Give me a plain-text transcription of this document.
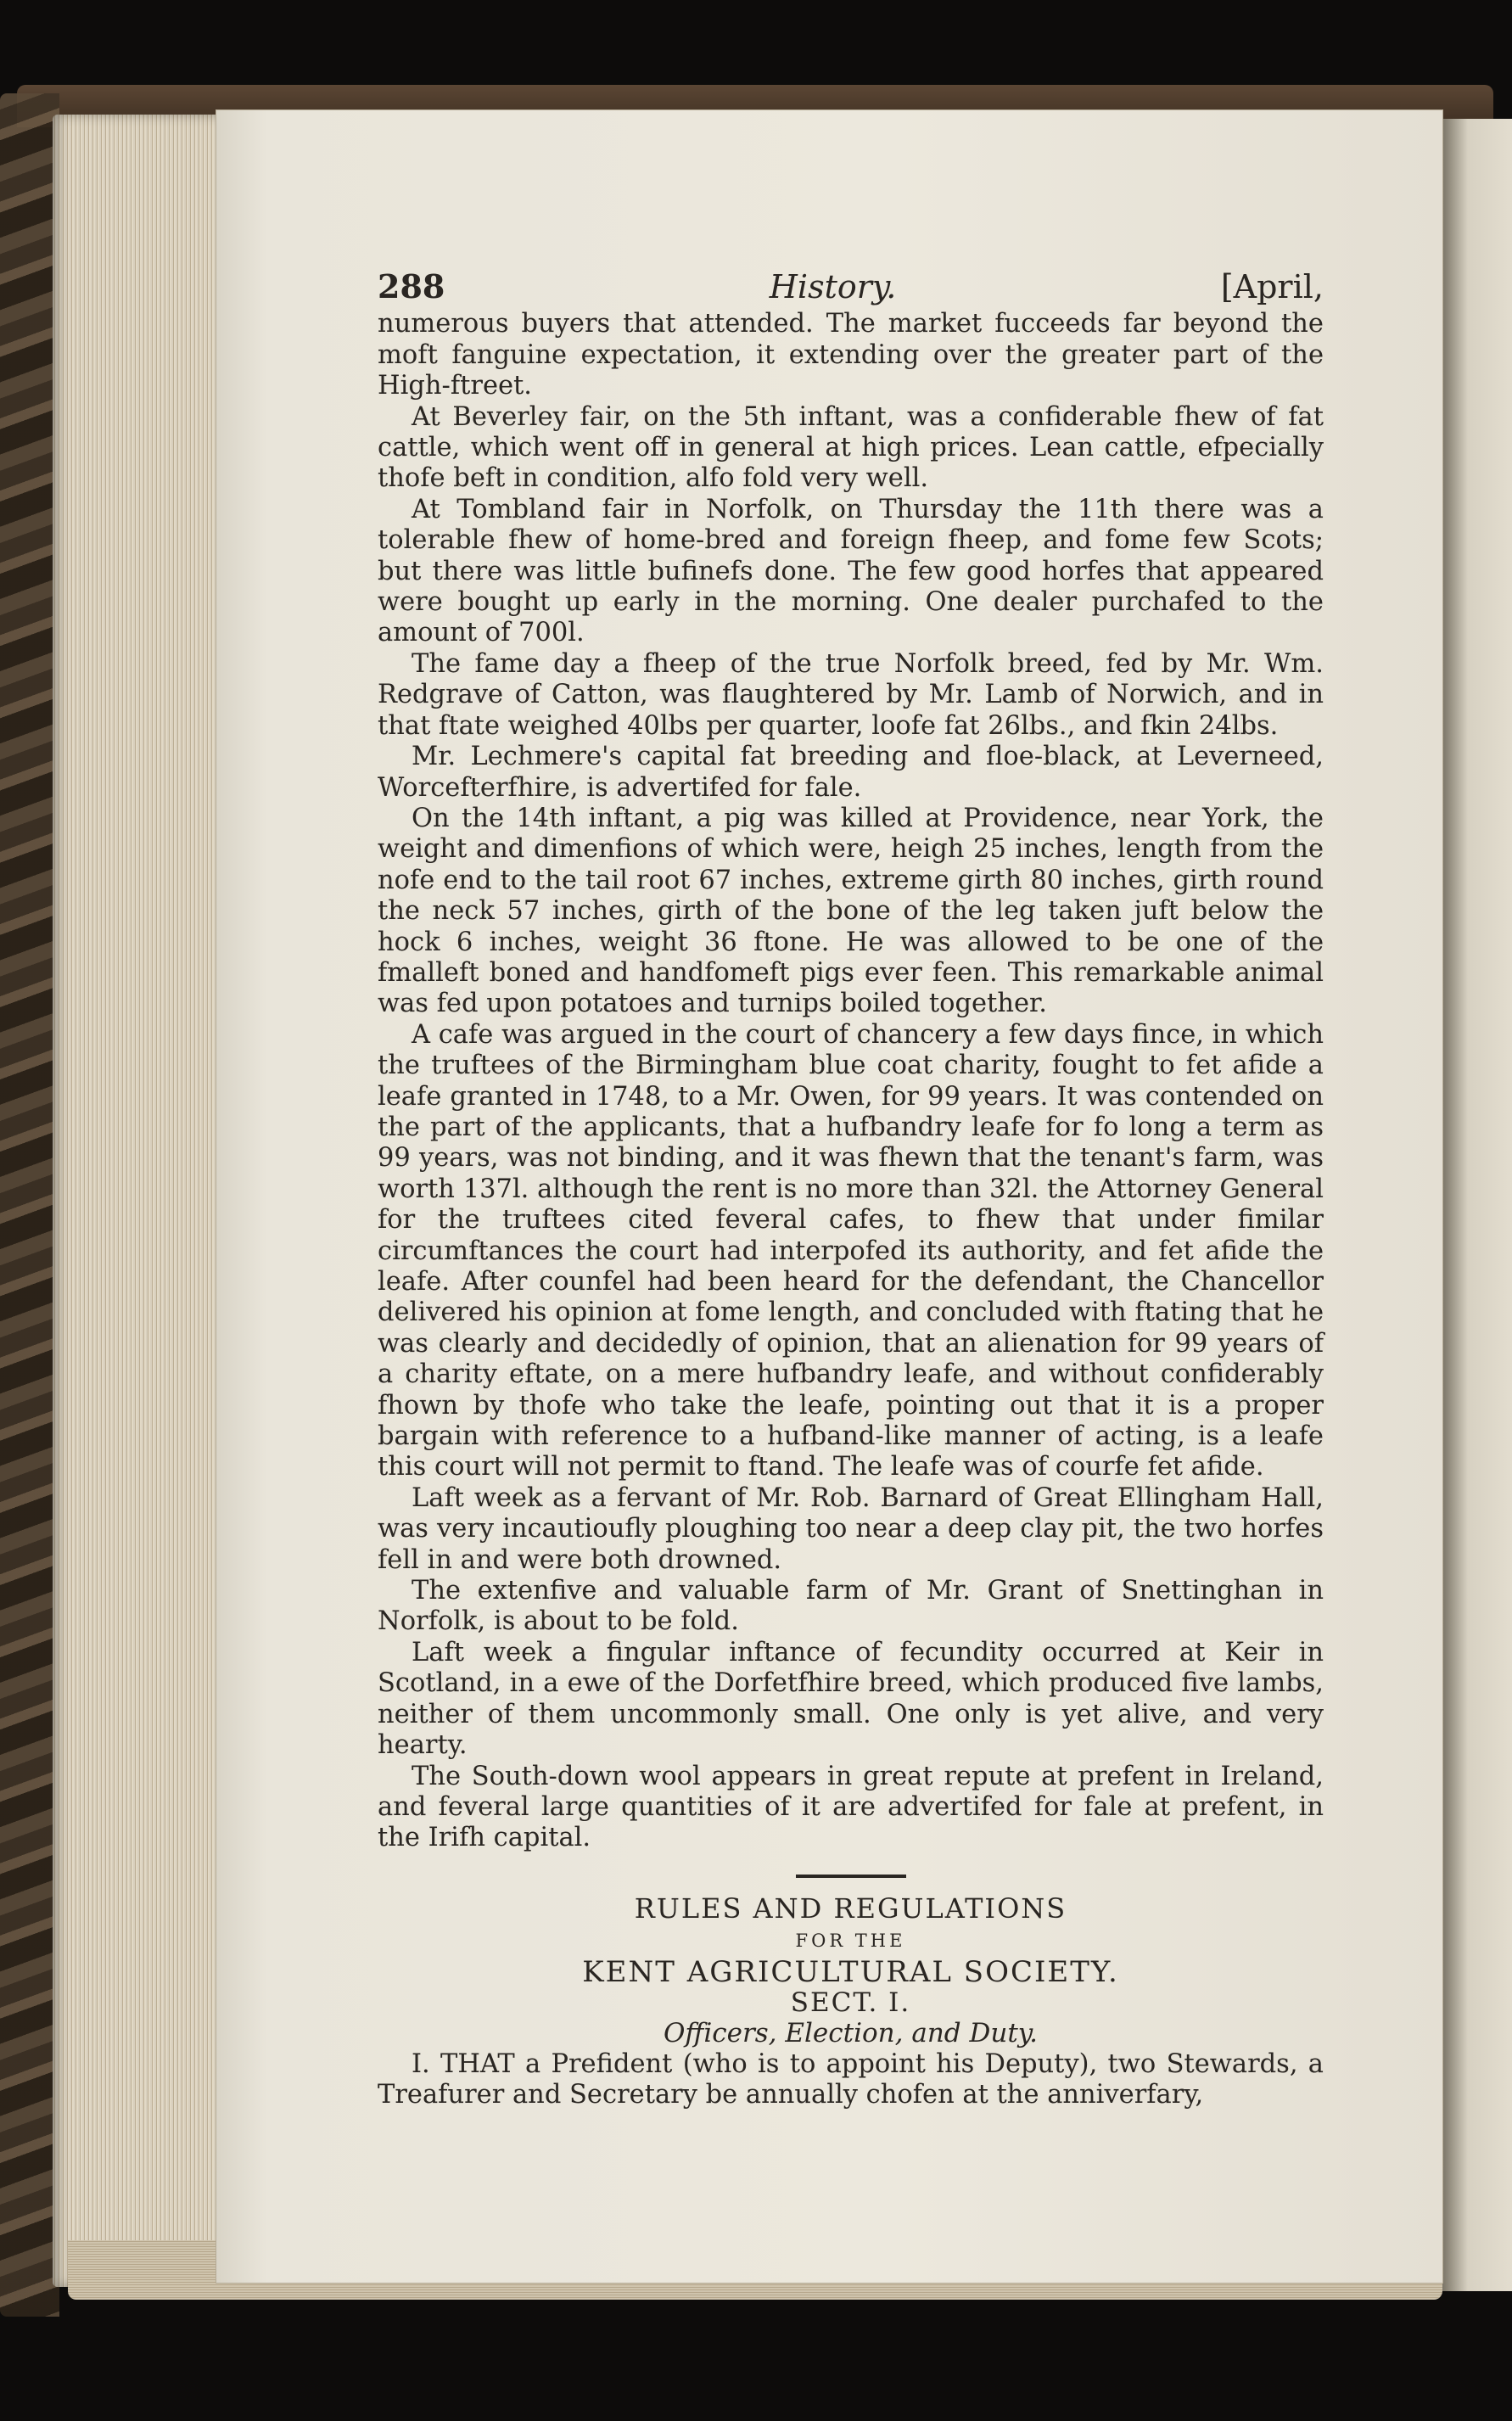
288	History.	[April,

numerous buyers that attended. The market fucceeds far beyond the moft fanguine expectation, it extending over the greater part of the High-ftreet.

At Beverley fair, on the 5th inftant, was a confiderable fhew of fat cattle, which went off in general at high prices. Lean cattle, efpecially thofe beft in condition, alfo fold very well.

At Tombland fair in Norfolk, on Thursday the 11th there was a tolerable fhew of home-bred and foreign fheep, and fome few Scots; but there was little bufinefs done. The few good horfes that appeared were bought up early in the morning. One dealer purchafed to the amount of 700l.

The fame day a fheep of the true Norfolk breed, fed by Mr. Wm. Redgrave of Catton, was flaughtered by Mr. Lamb of Norwich, and in that ftate weighed 40lbs per quarter, loofe fat 26lbs., and fkin 24lbs.

Mr. Lechmere's capital fat breeding and floe-black, at Leverneed, Worcefterfhire, is advertifed for fale.

On the 14th inftant, a pig was killed at Providence, near York, the weight and dimenfions of which were, heigh 25 inches, length from the nofe end to the tail root 67 inches, extreme girth 80 inches, girth round the neck 57 inches, girth of the bone of the leg taken juft below the hock 6 inches, weight 36 ftone. He was allowed to be one of the fmalleft boned and handfomeft pigs ever feen. This remarkable animal was fed upon potatoes and turnips boiled together.

A cafe was argued in the court of chancery a few days fince, in which the truftees of the Birmingham blue coat charity, fought to fet afide a leafe granted in 1748, to a Mr. Owen, for 99 years. It was contended on the part of the applicants, that a hufbandry leafe for fo long a term as 99 years, was not binding, and it was fhewn that the tenant's farm, was worth 137l. although the rent is no more than 32l. the Attorney General for the truftees cited feveral cafes, to fhew that under fimilar circumftances the court had interpofed its authority, and fet afide the leafe. After counfel had been heard for the defendant, the Chancellor delivered his opinion at fome length, and concluded with ftating that he was clearly and decidedly of opinion, that an alienation for 99 years of a charity eftate, on a mere hufbandry leafe, and without confiderably fhown by thofe who take the leafe, pointing out that it is a proper bargain with reference to a hufband-like manner of acting, is a leafe this court will not permit to ftand. The leafe was of courfe fet afide.

Laft week as a fervant of Mr. Rob. Barnard of Great Ellingham Hall, was very incautioufly ploughing too near a deep clay pit, the two horfes fell in and were both drowned.

The extenfive and valuable farm of Mr. Grant of Snettinghan in Norfolk, is about to be fold.

Laft week a fingular inftance of fecundity occurred at Keir in Scotland, in a ewe of the Dorfetfhire breed, which produced five lambs, neither of them uncommonly small. One only is yet alive, and very hearty.

The South-down wool appears in great repute at prefent in Ireland, and feveral large quantities of it are advertifed for fale at prefent, in the Irifh capital.

RULES AND REGULATIONS
FOR THE
KENT AGRICULTURAL SOCIETY.
SECT. I.
Officers, Election, and Duty.

I. THAT a Prefident (who is to appoint his Deputy), two Stewards, a Treafurer and Secretary be annually chofen at the anniverfary,
